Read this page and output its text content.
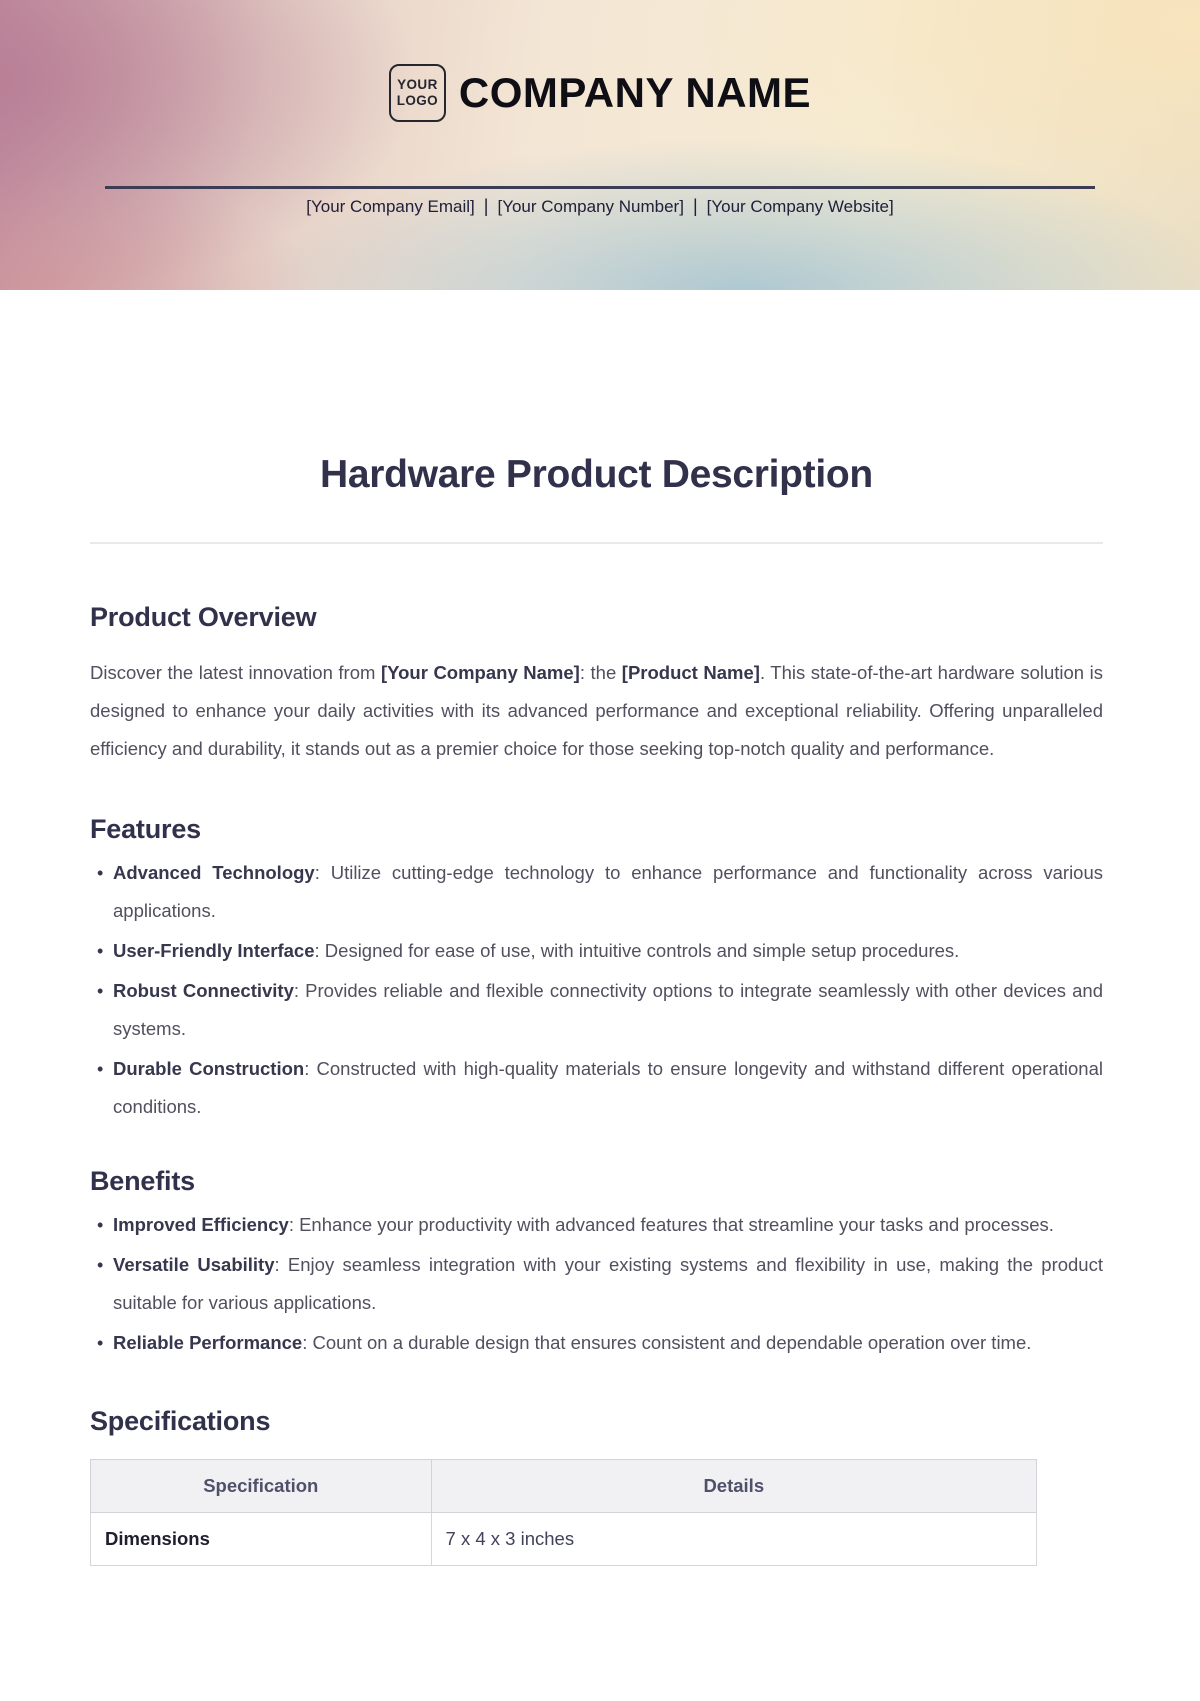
YOUR
LOGO COMPANY NAME
[Your Company Email] | [Your Company Number] | [Your Company Website]
Hardware Product Description
Product Overview

Discover the latest innovation from [Your Company Name]: the [Product Name]. This state-of-the-art hardware solution is designed to enhance your daily activities with its advanced performance and exceptional reliability. Offering unparalleled efficiency and durability, it stands out as a premier choice for those seeking top-notch quality and performance.

Features
• Advanced Technology: Utilize cutting-edge technology to enhance performance and functionality across various applications.
• User-Friendly Interface: Designed for ease of use, with intuitive controls and simple setup procedures.
• Robust Connectivity: Provides reliable and flexible connectivity options to integrate seamlessly with other devices and systems.
• Durable Construction: Constructed with high-quality materials to ensure longevity and withstand different operational conditions.
Benefits
• Improved Efficiency: Enhance your productivity with advanced features that streamline your tasks and processes.
• Versatile Usability: Enjoy seamless integration with your existing systems and flexibility in use, making the product suitable for various applications.
• Reliable Performance: Count on a durable design that ensures consistent and dependable operation over time.
Specifications
Specification	Details
Dimensions	7 x 4 x 3 inches
